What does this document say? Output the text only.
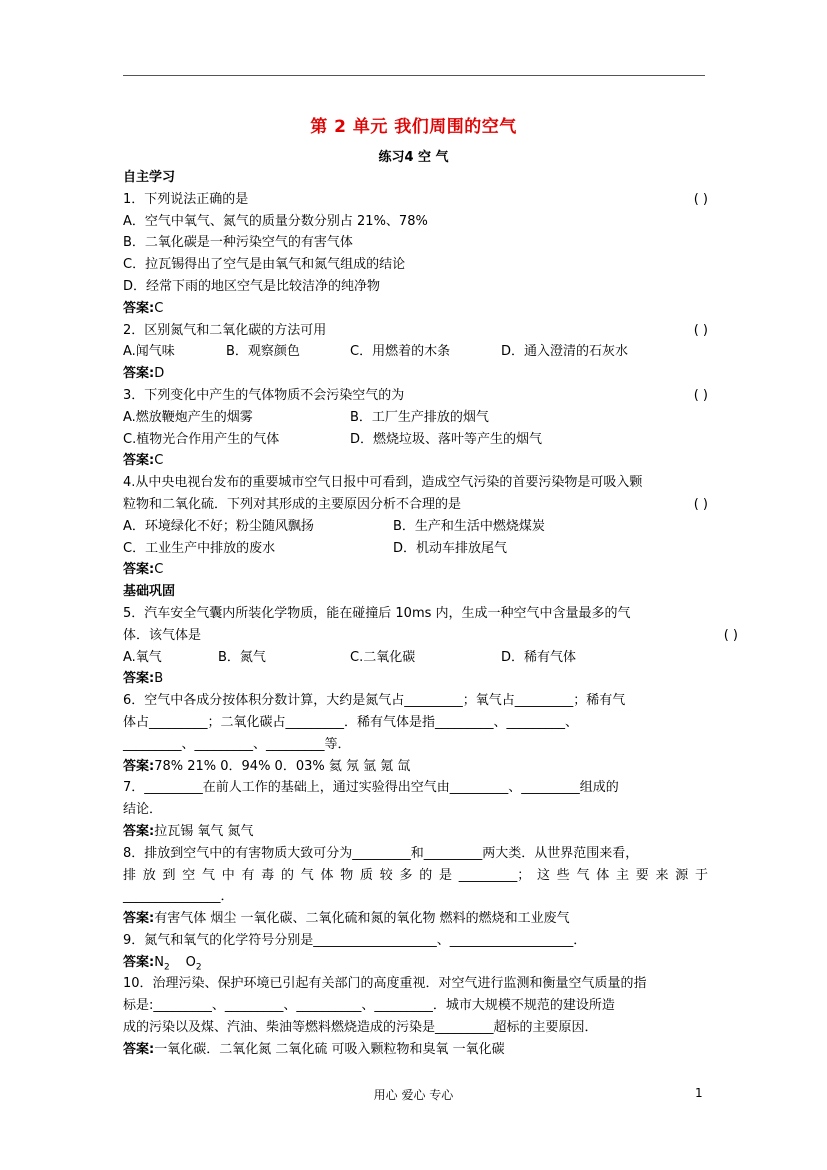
第 2 单元 我们周围的空气
练习4 空 气
自主学习
1．下列说法正确的是	( )
A．空气中氧气、氮气的质量分数分别占 21%、78%
B．二氧化碳是一种污染空气的有害气体
C．拉瓦锡得出了空气是由氧气和氮气组成的结论
D．经常下雨的地区空气是比较洁净的纯净物
答案:C
2．区别氮气和二氧化碳的方法可用	( )
A.闻气味	B．观察颜色	C．用燃着的木条	D．通入澄清的石灰水
答案:D
3．下列变化中产生的气体物质不会污染空气的为	( )
A.燃放鞭炮产生的烟雾	B．工厂生产排放的烟气
C.植物光合作用产生的气体	D．燃烧垃圾、落叶等产生的烟气
答案:C
4.从中央电视台发布的重要城市空气日报中可看到，造成空气污染的首要污染物是可吸入颗
粒物和二氧化硫．下列对其形成的主要原因分析不合理的是	( )
A．环境绿化不好；粉尘随风飘扬	B．生产和生活中燃烧煤炭
C．工业生产中排放的废水	D．机动车排放尾气
答案:C
基础巩固
5．汽车安全气囊内所装化学物质，能在碰撞后 10ms 内，生成一种空气中含量最多的气
体．该气体是	( )
A.氧气	B．氮气	C.二氧化碳	D．稀有气体
答案:B
6．空气中各成分按体积分数计算，大约是氮气占_________；氧气占_________；稀有气
体占_________；二氧化碳占_________．稀有气体是指_________、_________、
_________、_________、_________等．
答案:78% 21% 0．94% 0．03% 氦 氖 氩 氪 氙
7．_________在前人工作的基础上，通过实验得出空气由_________、_________组成的
结论．
答案:拉瓦锡 氧气 氮气
8．排放到空气中的有害物质大致可分为_________和_________两大类．从世界范围来看，
排放到空气中有毒的气体物质较多的是_________；这些气体主要来源于
_______________．
答案:有害气体 烟尘 一氧化碳、二氧化硫和氮的氧化物 燃料的燃烧和工业废气
9．氮气和氧气的化学符号分别是___________________、___________________．
答案$:N_2$ $O_2$
10．治理污染、保护环境已引起有关部门的高度重视．对空气进行监测和衡量空气质量的指
标是:_________、_________、__________、_________．城市大规模不规范的建设所造
成的污染以及煤、汽油、柴油等燃料燃烧造成的污染是_________超标的主要原因．
答案:一氧化碳．二氧化氮 二氧化硫 可吸入颗粒物和臭氧 一氧化碳
用心 爱心 专心	1
